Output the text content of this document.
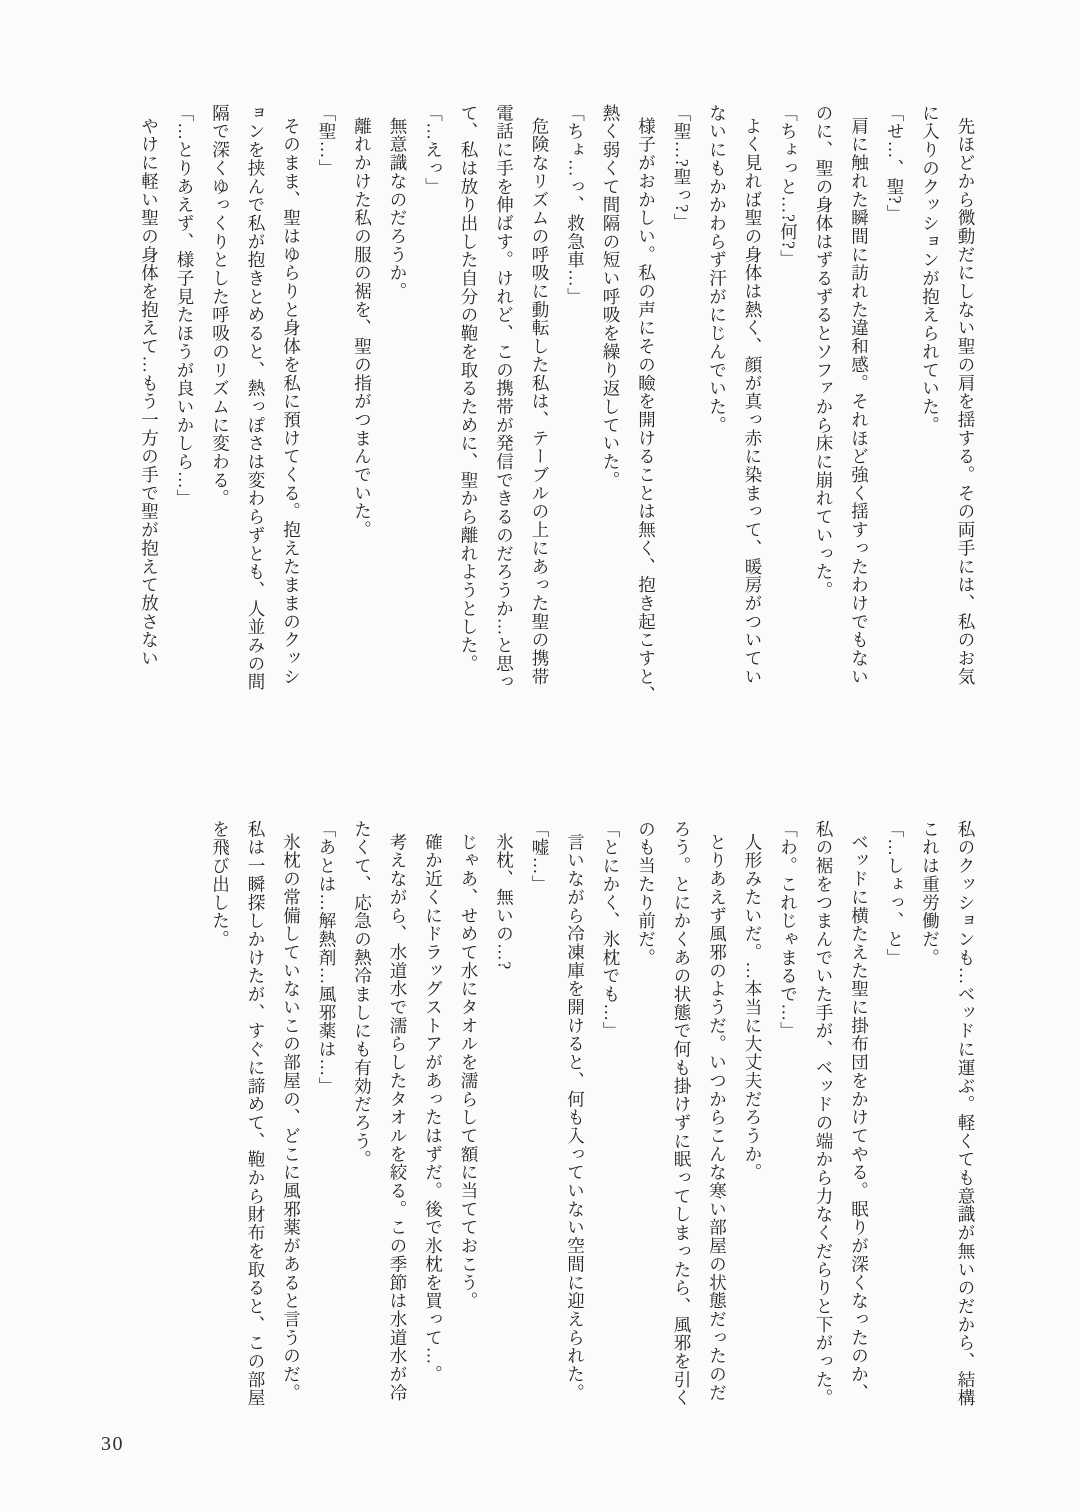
先ほどから微動だにしない聖の肩を揺する。その両手には、私のお気
に入りのクッションが抱えられていた。
「せ…、聖?」
肩に触れた瞬間に訪れた違和感。それほど強く揺すったわけでもない
のに、聖の身体はずるずるとソファから床に崩れていった。
「ちょっと…?何?」
よく見れば聖の身体は熱く、顔が真っ赤に染まって、暖房がついてい
ないにもかかわらず汗がにじんでいた。
「聖…?聖っ?」
様子がおかしい。私の声にその瞼を開けることは無く、抱き起こすと、
熱く弱くて間隔の短い呼吸を繰り返していた。
「ちょ…っ、救急車…」
危険なリズムの呼吸に動転した私は、テーブルの上にあった聖の携帯
電話に手を伸ばす。けれど、この携帯が発信できるのだろうか…と思っ
て、私は放り出した自分の鞄を取るために、聖から離れようとした。
「…えっ」
無意識なのだろうか。
離れかけた私の服の裾を、聖の指がつまんでいた。
「聖…」
そのまま、聖はゆらりと身体を私に預けてくる。抱えたままのクッシ
ョンを挟んで私が抱きとめると、熱っぽさは変わらずとも、人並みの間
隔で深くゆっくりとした呼吸のリズムに変わる。
「…とりあえず、様子見たほうが良いかしら…」
やけに軽い聖の身体を抱えて…もう一方の手で聖が抱えて放さない
私のクッションも…ベッドに運ぶ。軽くても意識が無いのだから、結構
これは重労働だ。
「…しょっ、と」
ベッドに横たえた聖に掛布団をかけてやる。眠りが深くなったのか、
私の裾をつまんでいた手が、ベッドの端から力なくだらりと下がった。
「わ。これじゃまるで…」
人形みたいだ。…本当に大丈夫だろうか。
とりあえず風邪のようだ。いつからこんな寒い部屋の状態だったのだ
ろう。とにかくあの状態で何も掛けずに眠ってしまったら、風邪を引く
のも当たり前だ。
「とにかく、氷枕でも…」
言いながら冷凍庫を開けると、何も入っていない空間に迎えられた。
「嘘…」
氷枕、無いの…?
じゃあ、せめて水にタオルを濡らして額に当てておこう。
確か近くにドラッグストアがあったはずだ。後で氷枕を買って…。
考えながら、水道水で濡らしたタオルを絞る。この季節は水道水が冷
たくて、応急の熱冷ましにも有効だろう。
「あとは…解熱剤…風邪薬は…」
氷枕の常備していないこの部屋の、どこに風邪薬があると言うのだ。
私は一瞬探しかけたが、すぐに諦めて、鞄から財布を取ると、この部屋
を飛び出した。
30
